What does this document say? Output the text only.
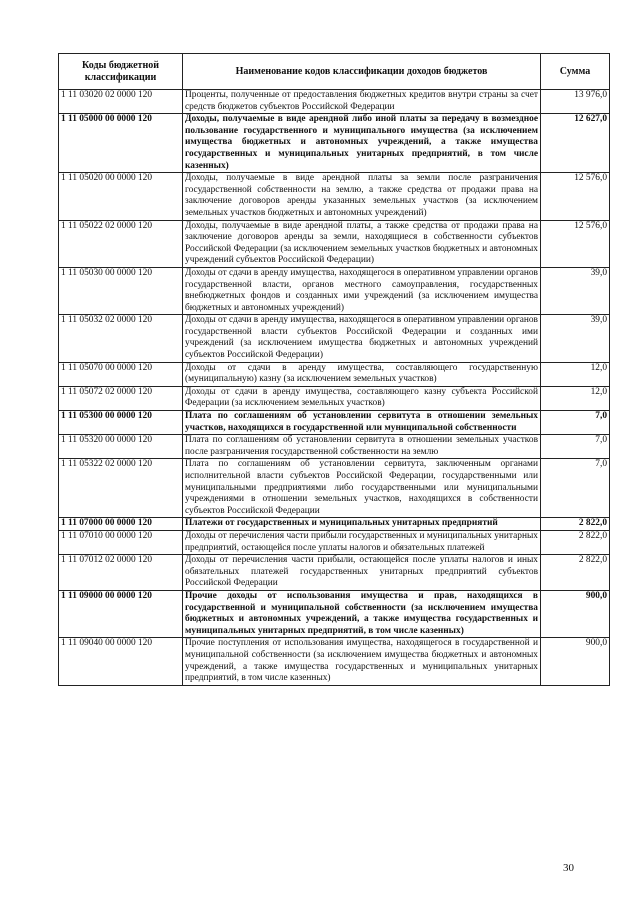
Коды бюджетной классификации	Наименование кодов классификации доходов бюджетов	Сумма
1 11 03020 02 0000 120	Проценты, полученные от предоставления бюджетных кредитов внутри страны за счет средств бюджетов субъектов Российской Федерации	13 976,0
1 11 05000 00 0000 120	Доходы, получаемые в виде арендной либо иной платы за передачу в возмездное пользование государственного и муниципального имущества (за исключением имущества бюджетных и автономных учреждений, а также имущества государственных и муниципальных унитарных предприятий, в том числе казенных)	12 627,0
1 11 05020 00 0000 120	Доходы, получаемые в виде арендной платы за земли после разграничения государственной собственности на землю, а также средства от продажи права на заключение договоров аренды указанных земельных участков (за исключением земельных участков бюджетных и автономных учреждений)	12 576,0
1 11 05022 02 0000 120	Доходы, получаемые в виде арендной платы, а также средства от продажи права на заключение договоров аренды за земли, находящиеся в собственности субъектов Российской Федерации (за исключением земельных участков бюджетных и автономных учреждений субъектов Российской Федерации)	12 576,0
1 11 05030 00 0000 120	Доходы от сдачи в аренду имущества, находящегося в оперативном управлении органов государственной власти, органов местного самоуправления, государственных внебюджетных фондов и созданных ими учреждений (за исключением имущества бюджетных и автономных учреждений)	39,0
1 11 05032 02 0000 120	Доходы от сдачи в аренду имущества, находящегося в оперативном управлении органов государственной власти субъектов Российской Федерации и созданных ими учреждений (за исключением имущества бюджетных и автономных учреждений субъектов Российской Федерации)	39,0
1 11 05070 00 0000 120	Доходы от сдачи в аренду имущества, составляющего государственную (муниципальную) казну (за исключением земельных участков)	12,0
1 11 05072 02 0000 120	Доходы от сдачи в аренду имущества, составляющего казну субъекта Российской Федерации (за исключением земельных участков)	12,0
1 11 05300 00 0000 120	Плата по соглашениям об установлении сервитута в отношении земельных участков, находящихся в государственной или муниципальной собственности	7,0
1 11 05320 00 0000 120	Плата по соглашениям об установлении сервитута в отношении земельных участков после разграничения государственной собственности на землю	7,0
1 11 05322 02 0000 120	Плата по соглашениям об установлении сервитута, заключенным органами исполнительной власти субъектов Российской Федерации, государственными или муниципальными предприятиями либо государственными или муниципальными учреждениями в отношении земельных участков, находящихся в собственности субъектов Российской Федерации	7,0
1 11 07000 00 0000 120	Платежи от государственных и муниципальных унитарных предприятий	2 822,0
1 11 07010 00 0000 120	Доходы от перечисления части прибыли государственных и муниципальных унитарных предприятий, остающейся после уплаты налогов и обязательных платежей	2 822,0
1 11 07012 02 0000 120	Доходы от перечисления части прибыли, остающейся после уплаты налогов и иных обязательных платежей государственных унитарных предприятий субъектов Российской Федерации	2 822,0
1 11 09000 00 0000 120	Прочие доходы от использования имущества и прав, находящихся в государственной и муниципальной собственности (за исключением имущества бюджетных и автономных учреждений, а также имущества государственных и муниципальных унитарных предприятий, в том числе казенных)	900,0
1 11 09040 00 0000 120	Прочие поступления от использования имущества, находящегося в государственной и муниципальной собственности (за исключением имущества бюджетных и автономных учреждений, а также имущества государственных и муниципальных унитарных предприятий, в том числе казенных)	900,0
30
